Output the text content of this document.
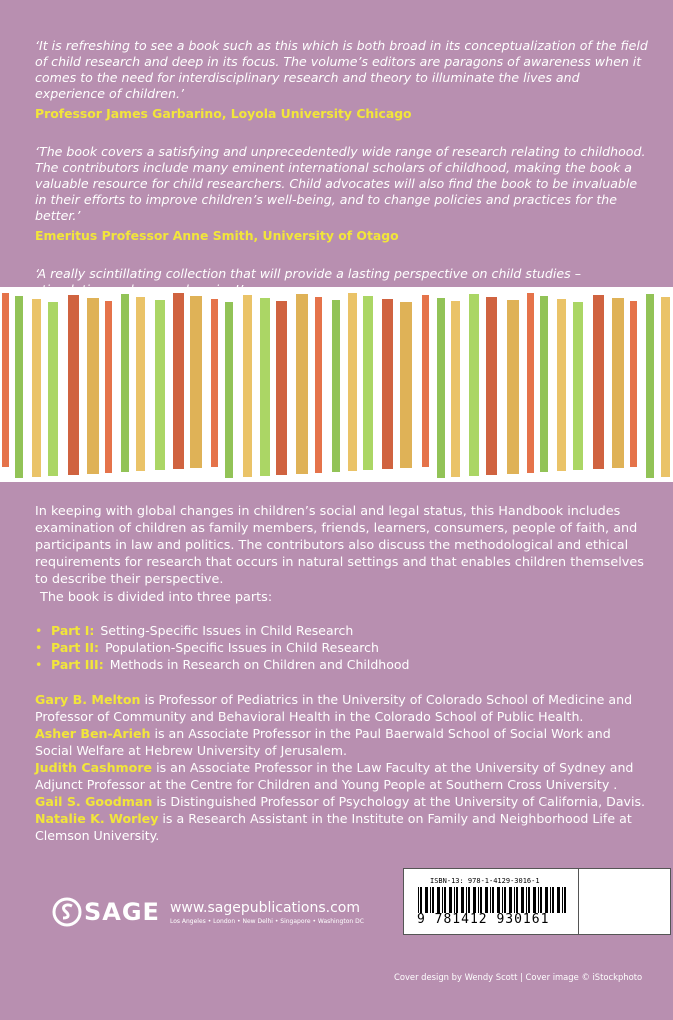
‘It is refreshing to see a book such as this which is both broad in its conceptualization of the field of child research and deep in its focus. The volume’s editors are paragons of awareness when it comes to the need for interdisciplinary research and theory to illuminate the lives and experience of children.’

Professor James Garbarino, Loyola University Chicago

‘The book covers a satisfying and unprecedentedly wide range of research relating to childhood. The contributors include many eminent international scholars of childhood, making the book a valuable resource for child researchers. Child advocates will also find the book to be invaluable in their efforts to improve children’s well-being, and to change policies and practices for the better.’

Emeritus Professor Anne Smith, University of Otago

‘A really scintillating collection that will provide a lasting perspective on child studies –

In keeping with global changes in children’s social and legal status, this Handbook includes examination of children as family members, friends, learners, consumers, people of faith, and participants in law and politics. The contributors also discuss the methodological and ethical requirements for research that occurs in natural settings and that enables children themselves to describe their perspective.

The book is divided into three parts:

• Part I: Setting-Specific Issues in Child Research
• Part II: Population-Specific Issues in Child Research
• Part III: Methods in Research on Children and Childhood

Gary B. Melton is Professor of Pediatrics in the University of Colorado School of Medicine and Professor of Community and Behavioral Health in the Colorado School of Public Health.

Asher Ben-Arieh is an Associate Professor in the Paul Baerwald School of Social Work and Social Welfare at Hebrew University of Jerusalem.

Judith Cashmore is an Associate Professor in the Law Faculty at the University of Sydney and Adjunct Professor at the Centre for Children and Young People at Southern Cross University .

Gail S. Goodman is Distinguished Professor of Psychology at the University of California, Davis.

Natalie K. Worley is a Research Assistant in the Institute on Family and Neighborhood Life at Clemson University.

SAGE www.sagepublications.com
Los Angeles • London • New Delhi • Singapore • Washington DC
ISBN-13: 978-1-4129-3016-1
9 781412 930161

Cover design by Wendy Scott | Cover image © iStockphoto
